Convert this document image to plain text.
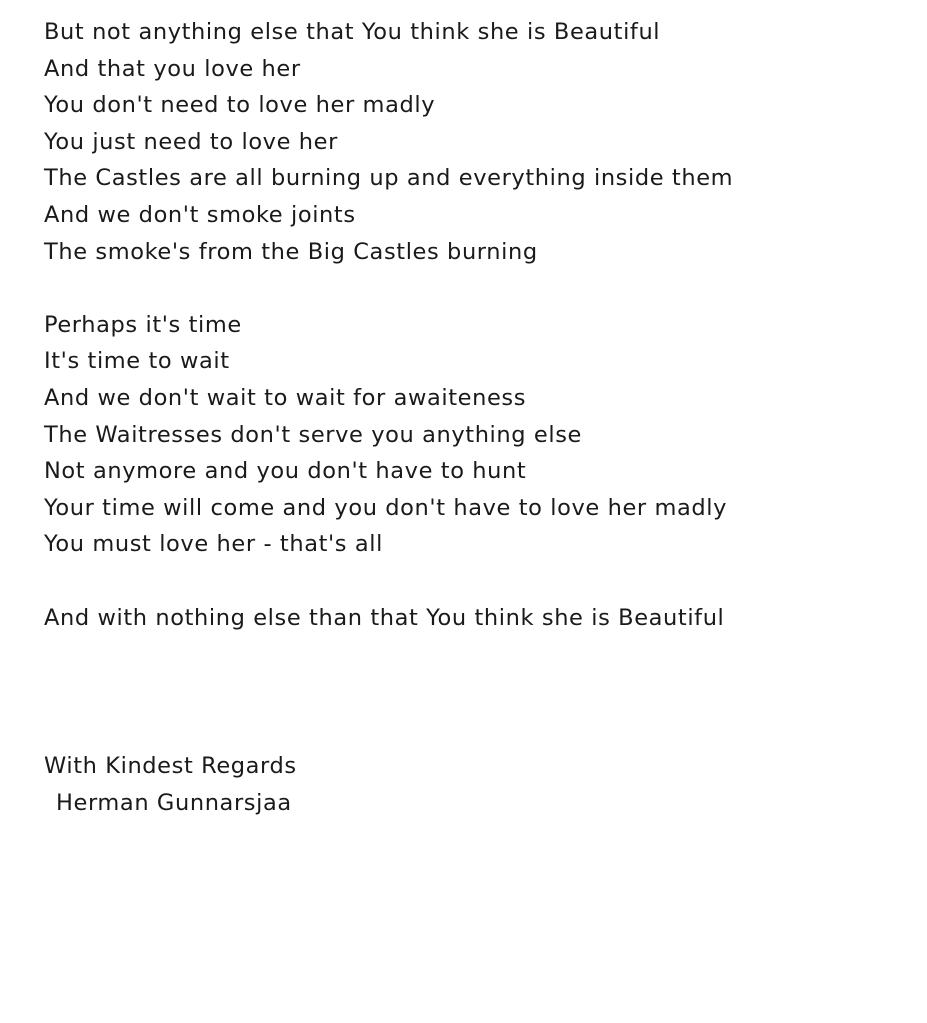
But not anything else that You think she is Beautiful
And that you love her
You don't need to love her madly
You just need to love her
The Castles are all burning up and everything inside them
And we don't smoke joints
The smoke's from the Big Castles burning
Perhaps it's time
It's time to wait
And we don't wait to wait for awaiteness
The Waitresses don't serve you anything else
Not anymore and you don't have to hunt
Your time will come and you don't have to love her madly
You must love her - that's all
And with nothing else than that You think she is Beautiful
With Kindest Regards
Herman Gunnarsjaa
